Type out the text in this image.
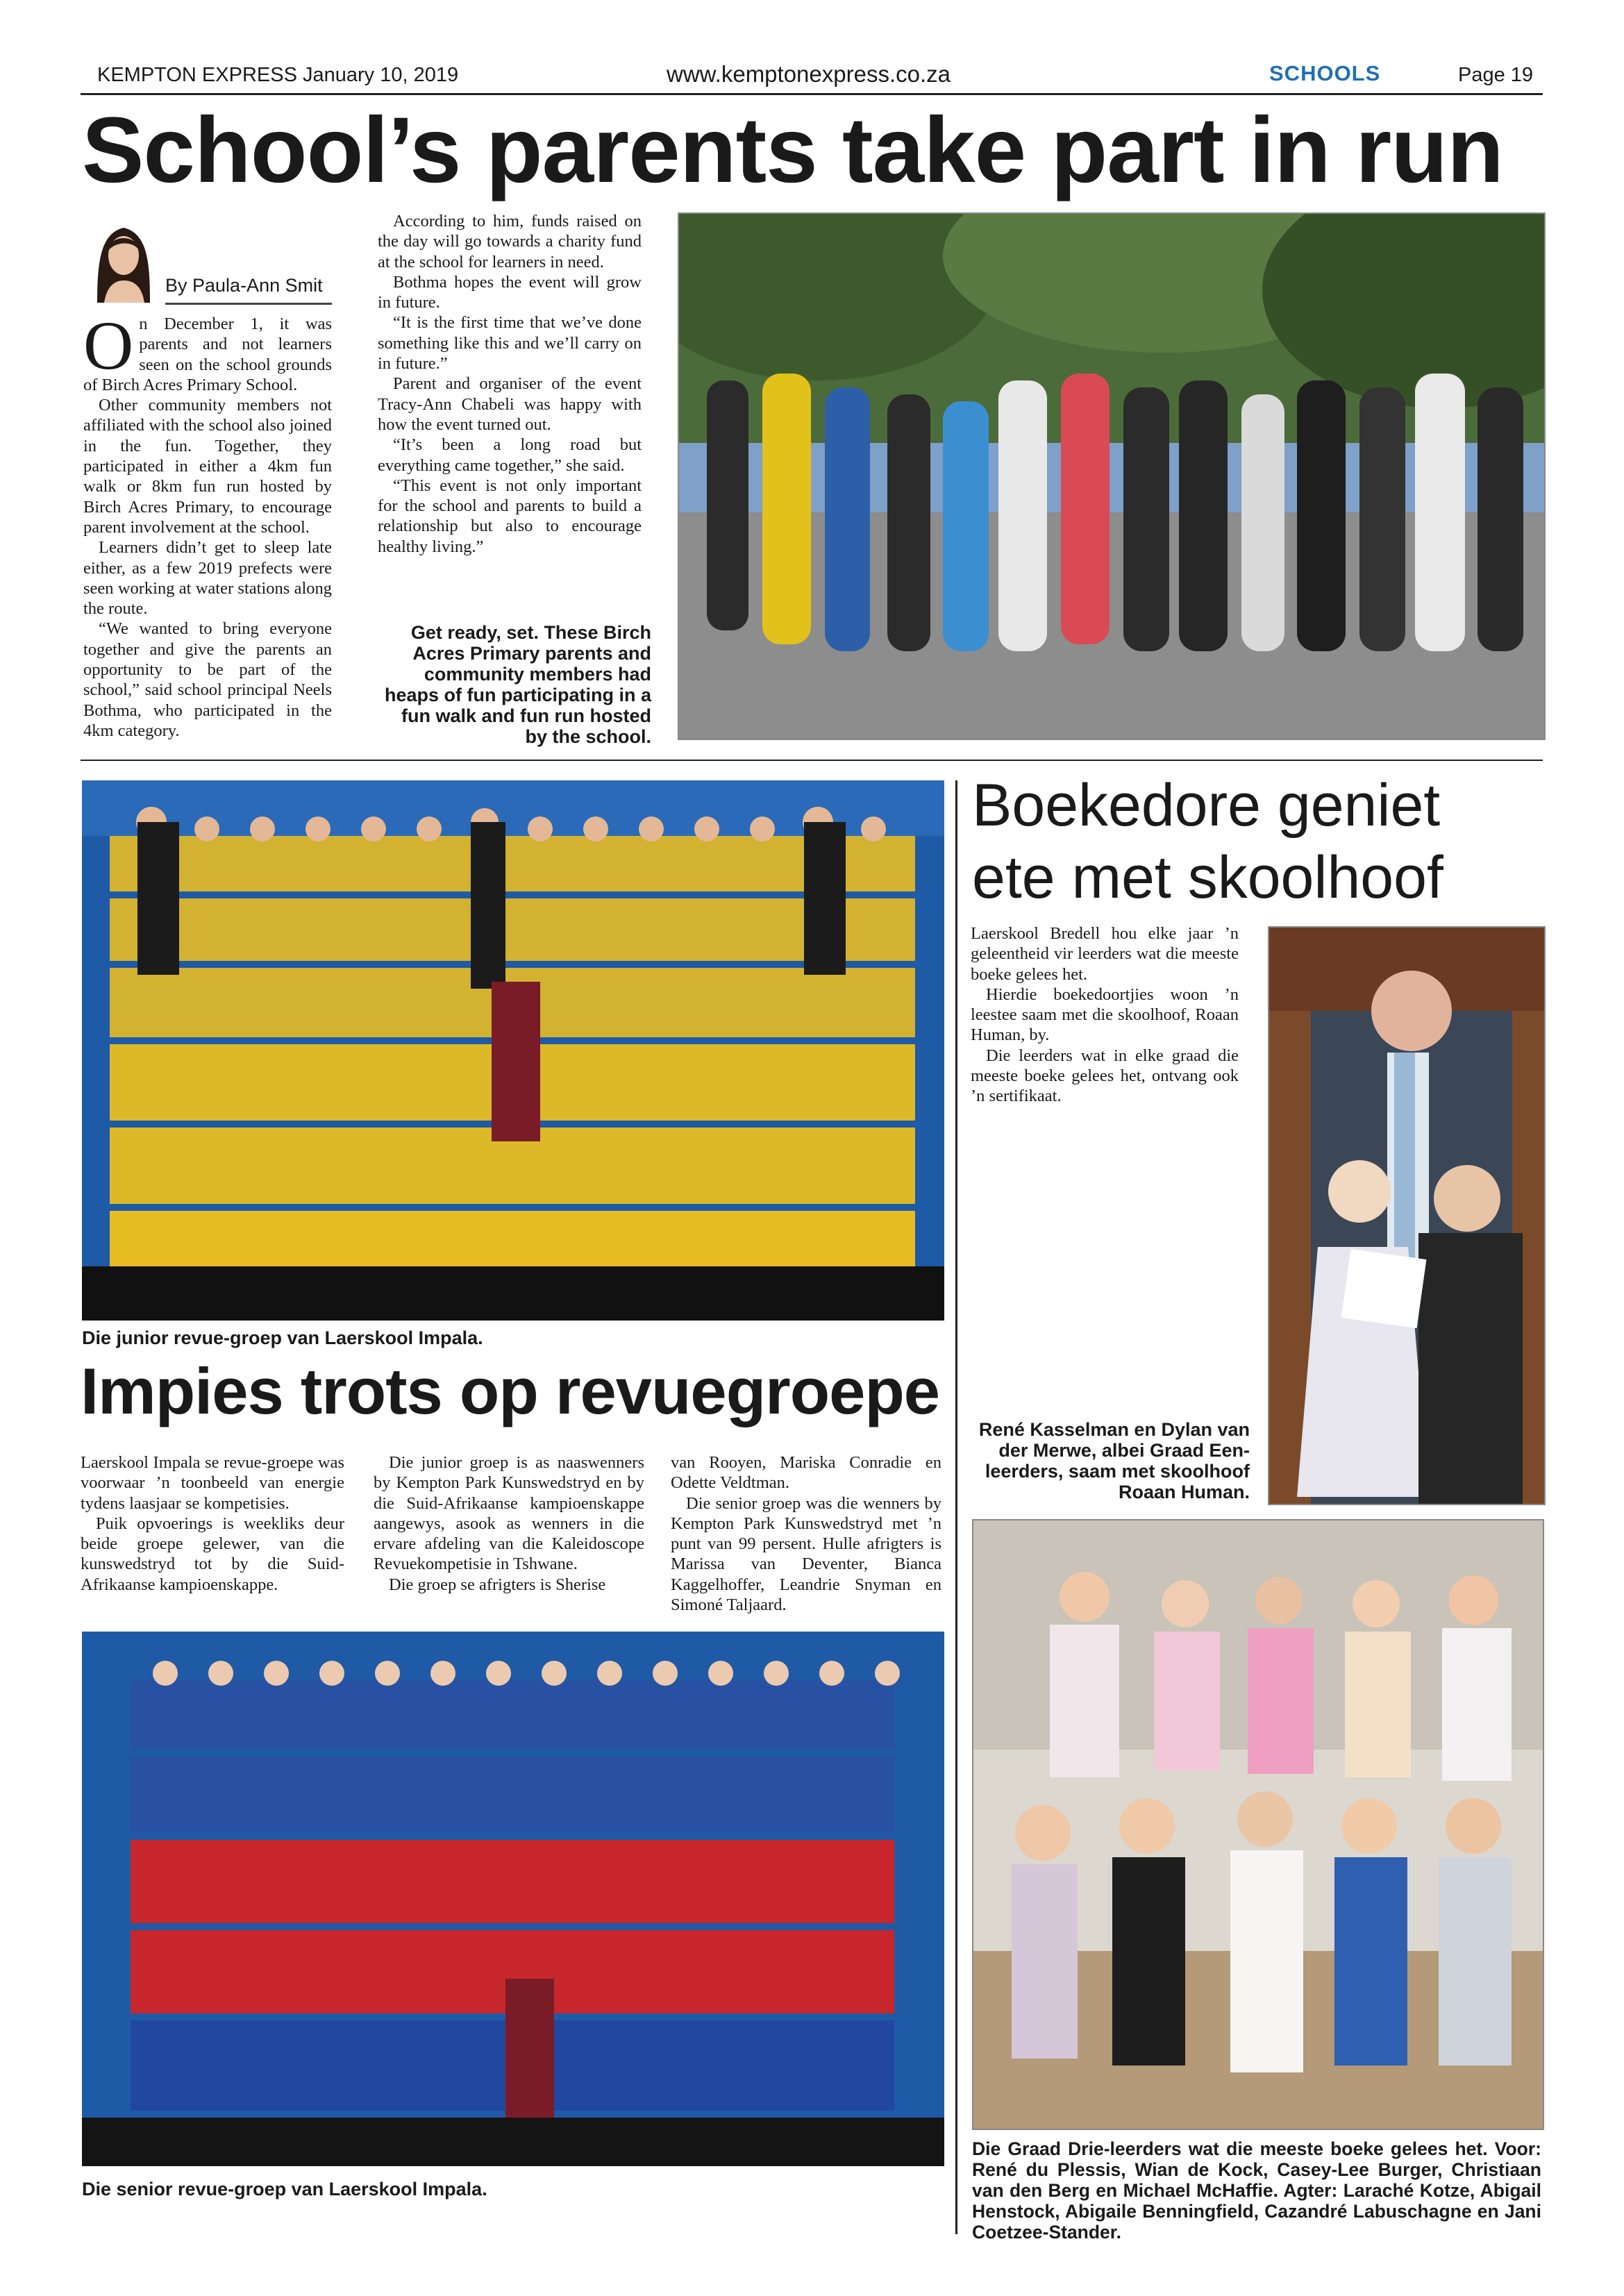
KEMPTON EXPRESS January 10, 2019	www.kemptonexpress.co.za	SCHOOLS	Page 19
School’s parents take part in run
By Paula-Ann Smit
O n December 1, it was parents and not learners seen on the school grounds of Birch Acres Primary School.

Other community members not affiliated with the school also joined in the fun. Together, they participated in either a 4km fun walk or 8km fun run hosted by Birch Acres Primary, to encourage parent involvement at the school.

Learners didn’t get to sleep late either, as a few 2019 prefects were seen working at water stations along the route.

“We wanted to bring everyone together and give the parents an opportunity to be part of the school,” said school principal Neels Bothma, who participated in the 4km category.

According to him, funds raised on the day will go towards a charity fund at the school for learners in need.

Bothma hopes the event will grow in future.

“It is the first time that we’ve done something like this and we’ll carry on in future.”

Parent and organiser of the event Tracy-Ann Chabeli was happy with how the event turned out.

“It’s been a long road but everything came together,” she said.

“This event is not only important for the school and parents to build a relationship but also to encourage healthy living.”

Get ready, set. These Birch Acres Primary parents and community members had heaps of fun participating in a fun walk and fun run hosted by the school.
Die junior revue-groep van Laerskool Impala.
Impies trots op revuegroepe

Laerskool Impala se revue-groepe was voorwaar ’n toonbeeld van energie tydens laasjaar se kompetisies.

Puik opvoerings is weekliks deur beide groepe gelewer, van die kunswedstryd tot by die Suid-Afrikaanse kampioenskappe.

Die junior groep is as naaswenners by Kempton Park Kunswedstryd en by die Suid-Afrikaanse kampioenskappe aangewys, asook as wenners in die ervare afdeling van die Kaleidoscope Revuekompetisie in Tshwane.

Die groep se afrigters is Sherise

van Rooyen, Mariska Conradie en Odette Veldtman.

Die senior groep was die wenners by Kempton Park Kunswedstryd met ’n punt van 99 persent. Hulle afrigters is Marissa van Deventer, Bianca Kaggelhoffer, Leandrie Snyman en Simoné Taljaard.

Die senior revue-groep van Laerskool Impala.
Boekedore geniet
ete met skoolhoof

Laerskool Bredell hou elke jaar ’n geleentheid vir leerders wat die meeste boeke gelees het.

Hierdie boekedoortjies woon ’n leestee saam met die skoolhoof, Roaan Human, by.

Die leerders wat in elke graad die meeste boeke gelees het, ontvang ook ’n sertifikaat.

René Kasselman en Dylan van der Merwe, albei Graad Een-leerders, saam met skoolhoof Roaan Human.
Die Graad Drie-leerders wat die meeste boeke gelees het. Voor: René du Plessis, Wian de Kock, Casey-Lee Burger, Christiaan van den Berg en Michael McHaffie. Agter: Laraché Kotze, Abigail Henstock, Abigaile Benningfield, Cazandré Labuschagne en Jani Coetzee-Stander.
